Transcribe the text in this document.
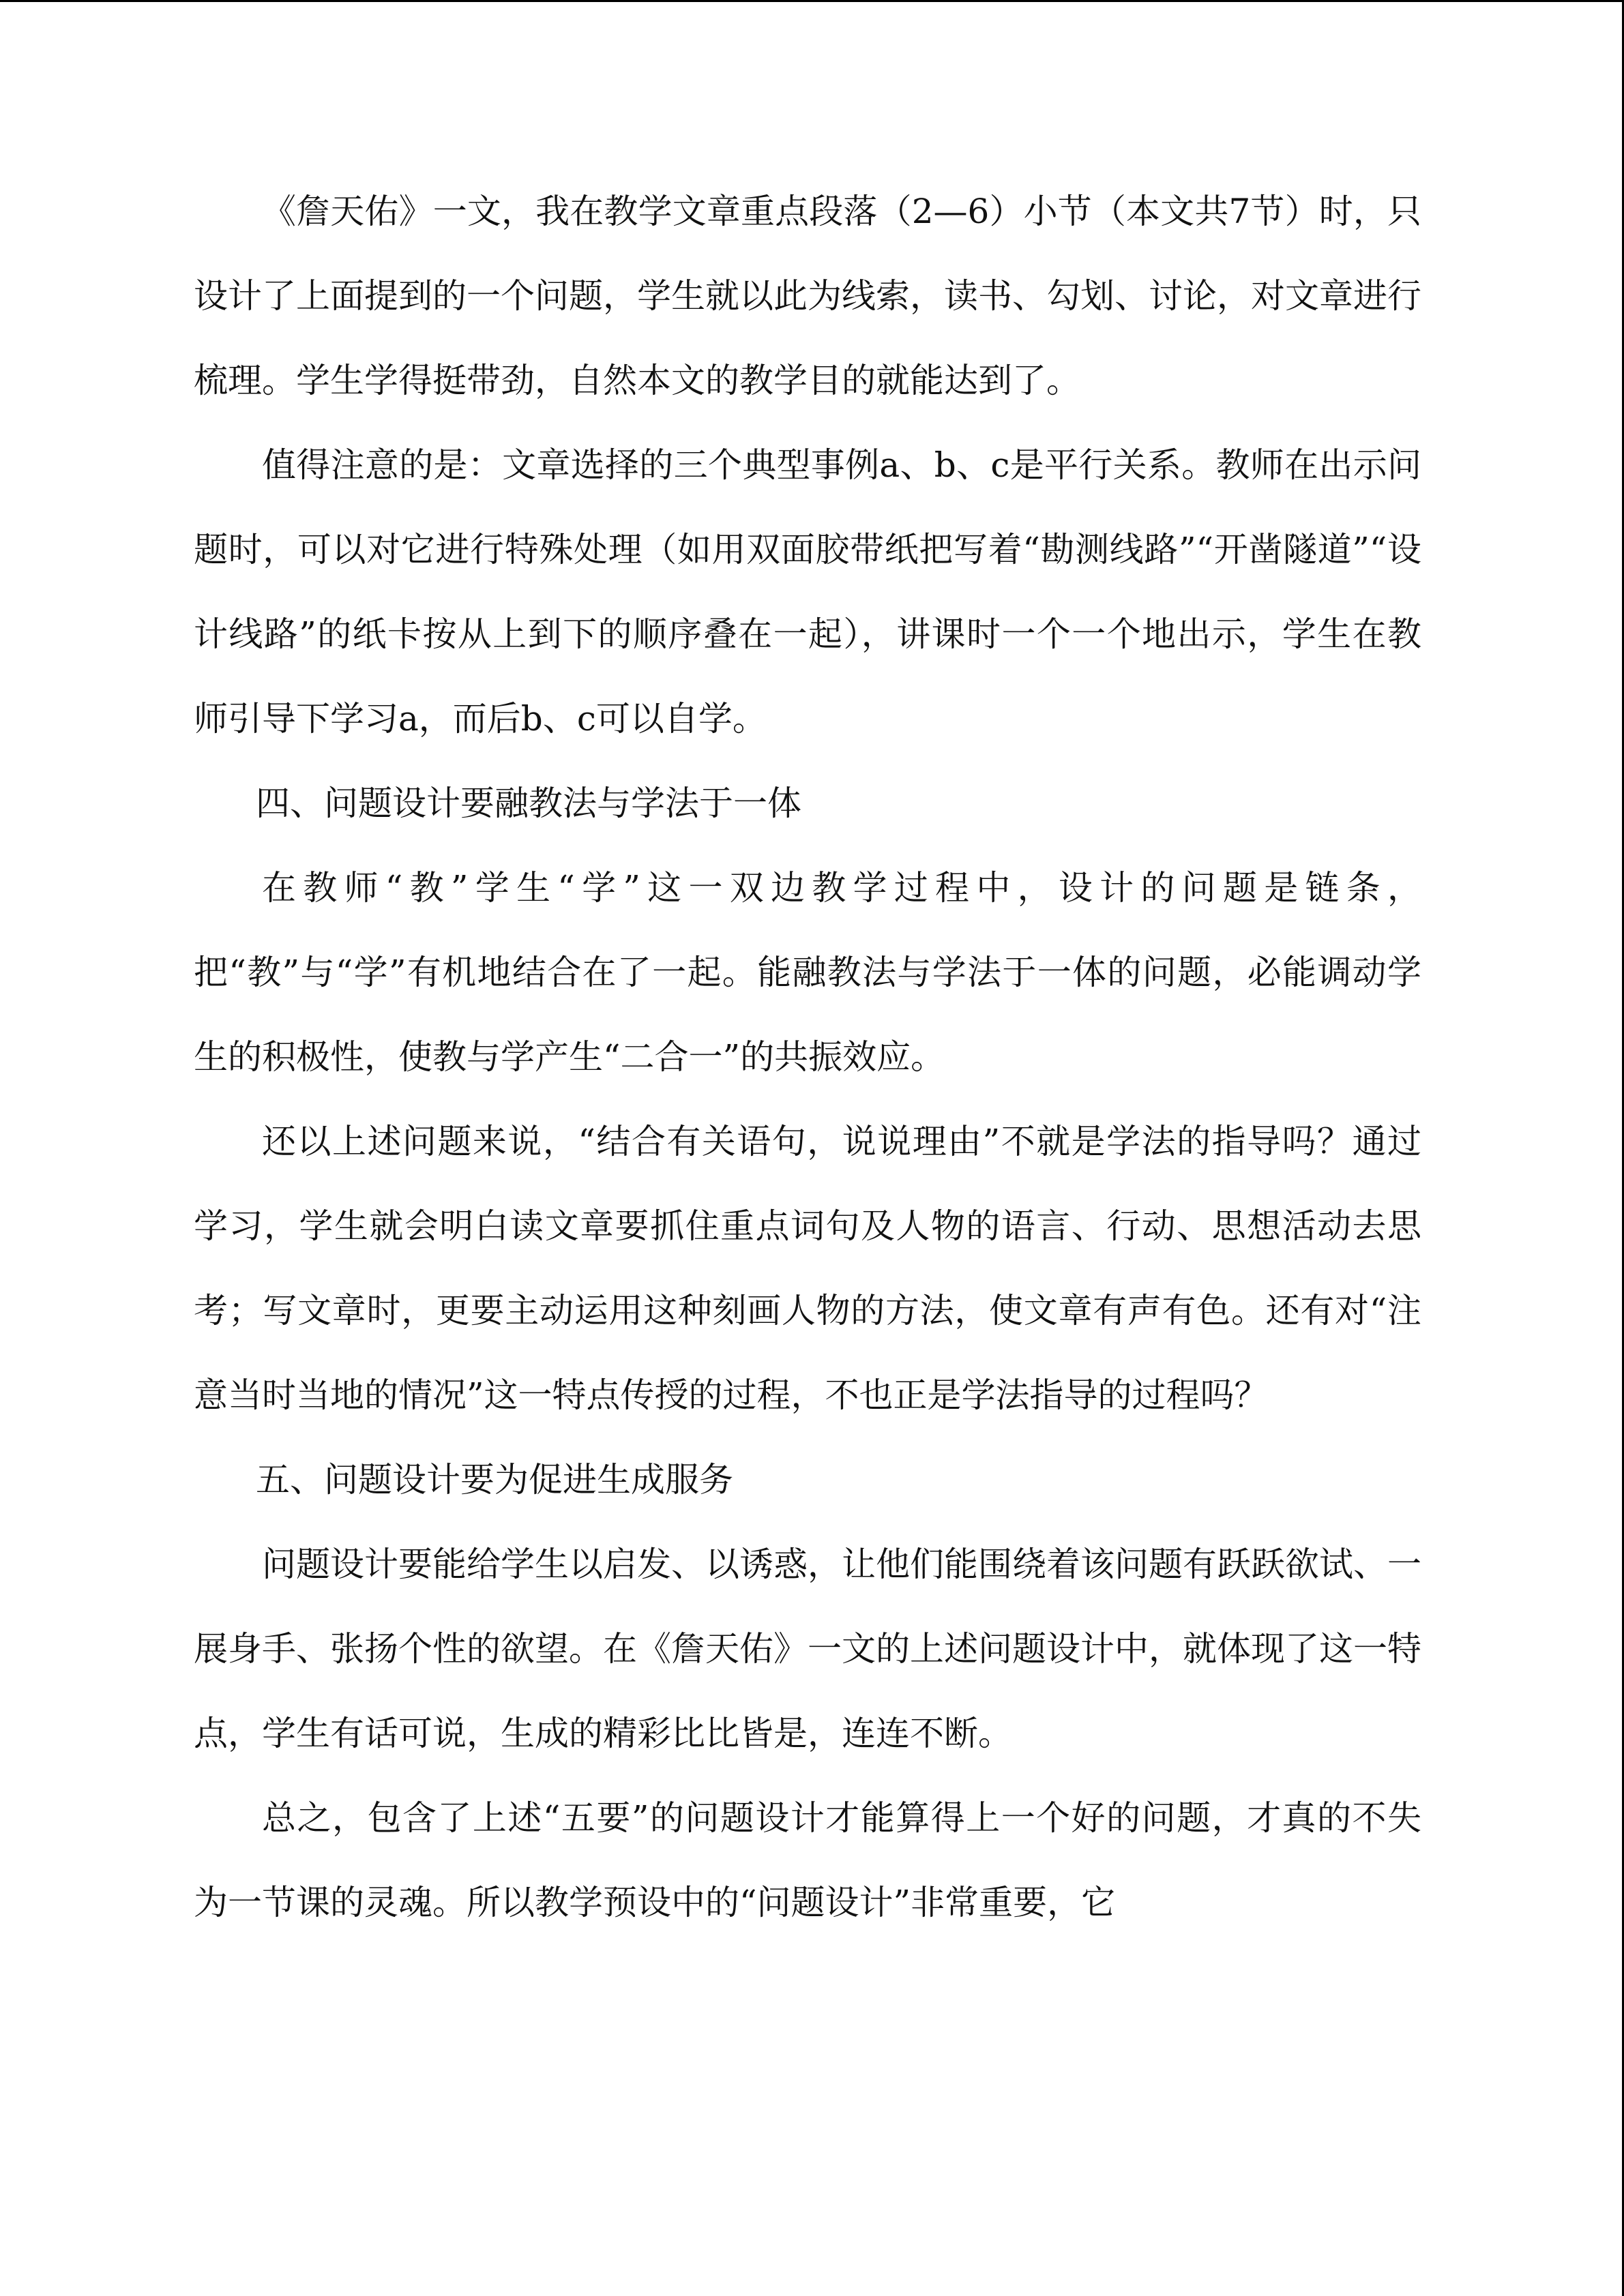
《詹天佑》一文，我在教学文章重点段落（2—6）小节（本文共7节）时，只设计了上面提到的一个问题，学生就以此为线索，读书、勾划、讨论，对文章进行梳理。学生学得挺带劲，自然本文的教学目的就能达到了。

值得注意的是：文章选择的三个典型事例a、b、c是平行关系。教师在出示问题时，可以对它进行特殊处理（如用双面胶带纸把写着“勘测线路”“开凿隧道”“设计线路”的纸卡按从上到下的顺序叠在一起），讲课时一个一个地出示，学生在教师引导下学习a，而后b、c可以自学。

四、问题设计要融教法与学法于一体

在教师“教”学生“学”这一双边教学过程中，设计的问题是链条，把“教”与“学”有机地结合在了一起。能融教法与学法于一体的问题，必能调动学生的积极性，使教与学产生“二合一”的共振效应。

还以上述问题来说，“结合有关语句，说说理由”不就是学法的指导吗？通过学习，学生就会明白读文章要抓住重点词句及人物的语言、行动、思想活动去思考；写文章时，更要主动运用这种刻画人物的方法，使文章有声有色。还有对“注意当时当地的情况”这一特点传授的过程，不也正是学法指导的过程吗？

五、问题设计要为促进生成服务

问题设计要能给学生以启发、以诱惑，让他们能围绕着该问题有跃跃欲试、一展身手、张扬个性的欲望。在《詹天佑》一文的上述问题设计中，就体现了这一特点，学生有话可说，生成的精彩比比皆是，连连不断。

总之，包含了上述“五要”的问题设计才能算得上一个好的问题，才真的不失为一节课的灵魂。所以教学预设中的“问题设计”非常重要，它
